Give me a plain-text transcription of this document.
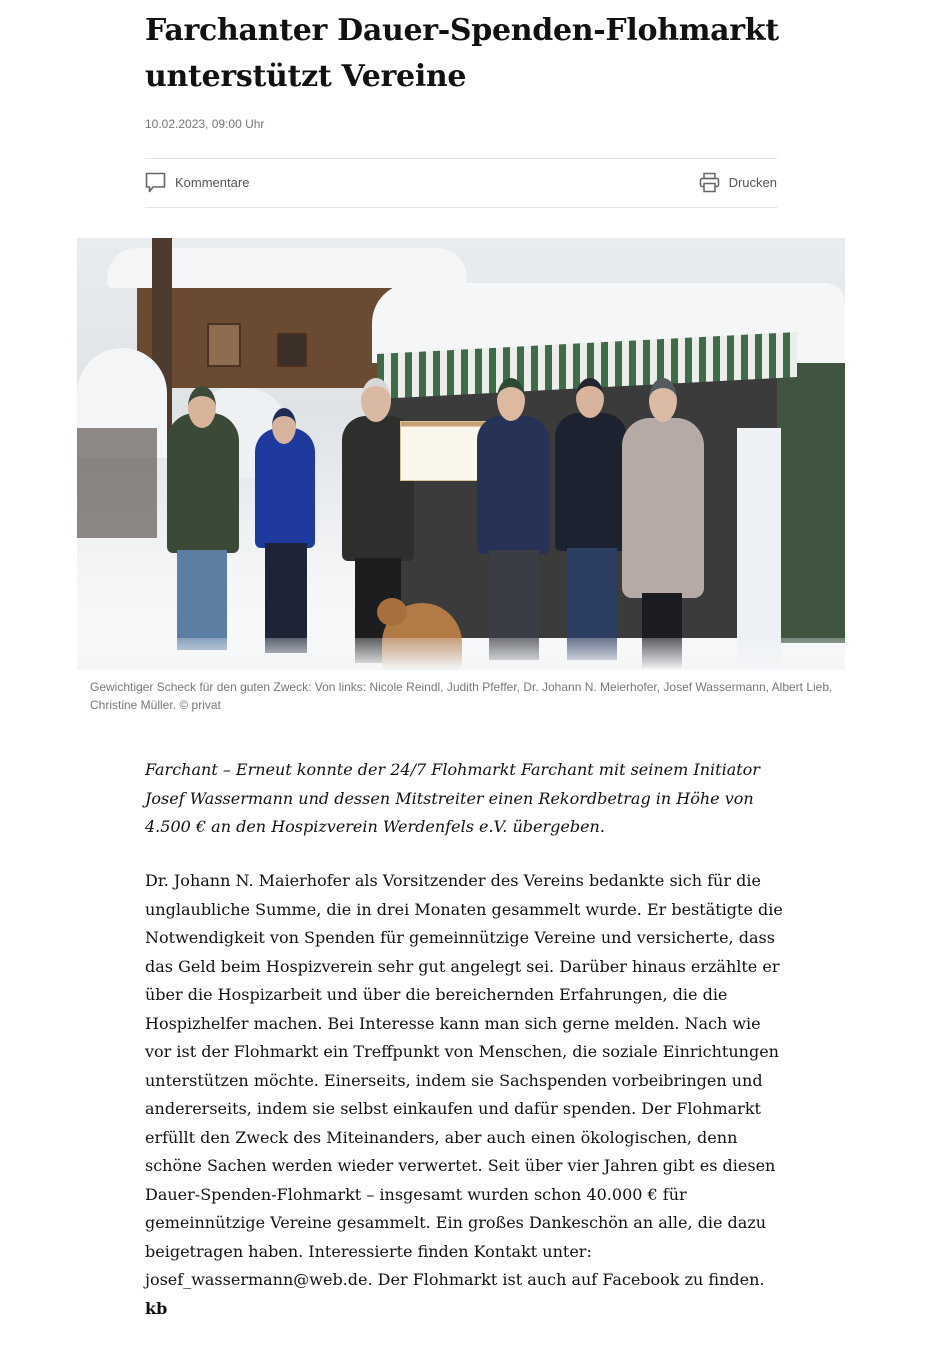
Farchanter Dauer-Spenden-Flohmarkt unterstützt Vereine
10.02.2023, 09:00 Uhr
Kommentare	Drucken
Gewichtiger Scheck für den guten Zweck: Von links: Nicole Reindl, Judith Pfeffer, Dr. Johann N. Meierhofer, Josef Wassermann, Albert Lieb, Christine Müller. © privat

Farchant – Erneut konnte der 24/7 Flohmarkt Farchant mit seinem Initiator Josef Wassermann und dessen Mitstreiter einen Rekordbetrag in Höhe von 4.500 € an den Hospizverein Werdenfels e.V. übergeben.

Dr. Johann N. Maierhofer als Vorsitzender des Vereins bedankte sich für die unglaubliche Summe, die in drei Monaten gesammelt wurde. Er bestätigte die Notwendigkeit von Spenden für gemeinnützige Vereine und versicherte, dass das Geld beim Hospizverein sehr gut angelegt sei. Darüber hinaus erzählte er über die Hospizarbeit und über die bereichernden Erfahrungen, die die Hospizhelfer machen. Bei Interesse kann man sich gerne melden. Nach wie vor ist der Flohmarkt ein Treffpunkt von Menschen, die soziale Einrichtungen unterstützen möchte. Einerseits, indem sie Sachspenden vorbeibringen und andererseits, indem sie selbst einkaufen und dafür spenden. Der Flohmarkt erfüllt den Zweck des Miteinanders, aber auch einen ökologischen, denn schöne Sachen werden wieder verwertet. Seit über vier Jahren gibt es diesen Dauer-Spenden-Flohmarkt – insgesamt wurden schon 40.000 € für gemeinnützige Vereine gesammelt. Ein großes Dankeschön an alle, die dazu beigetragen haben. Interessierte finden Kontakt unter: josef_wassermann@web.de. Der Flohmarkt ist auch auf Facebook zu finden. kb
